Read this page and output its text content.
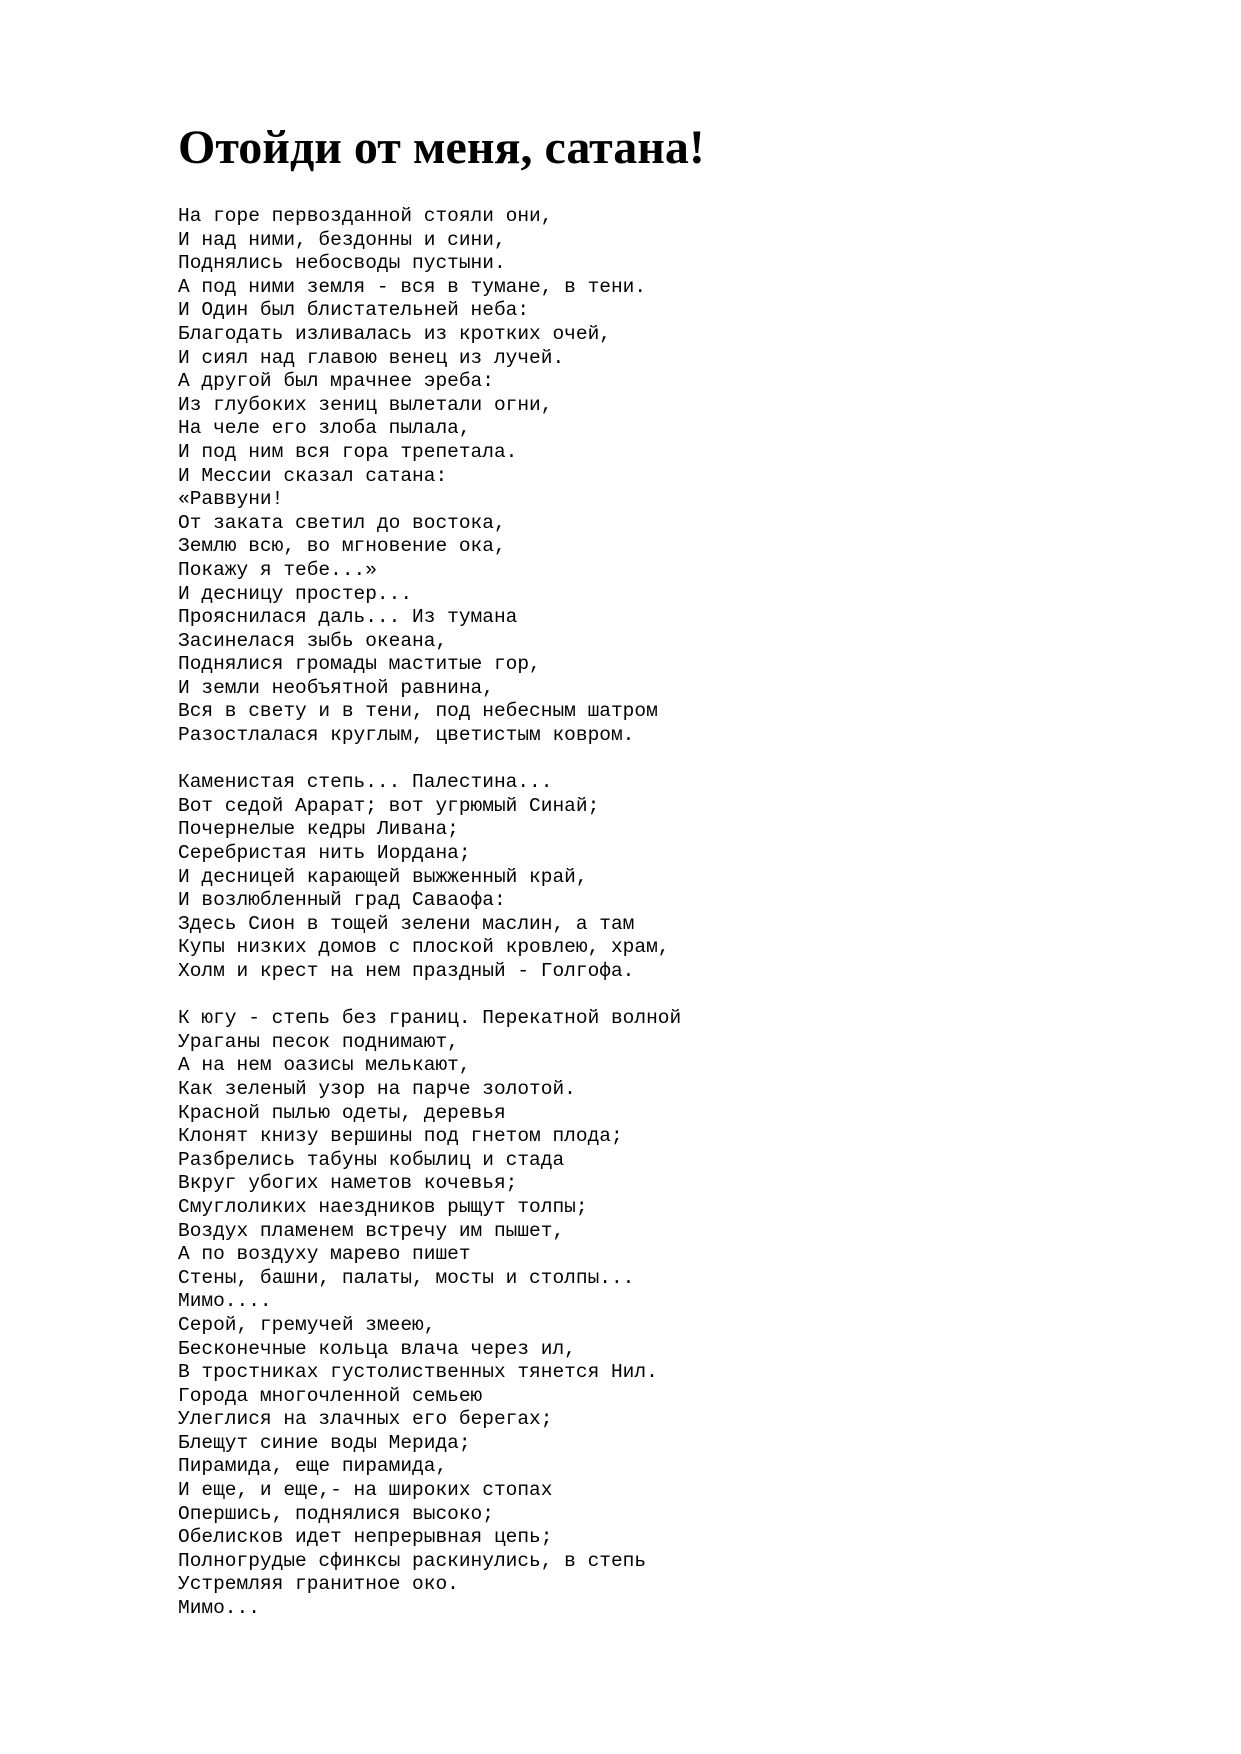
Отойди от меня, сатана!
На горе первозданной стояли они,
И над ними, бездонны и сини,
Поднялись небосводы пустыни.
А под ними земля - вся в тумане, в тени.
И Один был блистательней неба:
Благодать изливалась из кротких очей,
И сиял над главою венец из лучей.
А другой был мрачнее эреба:
Из глубоких зениц вылетали огни,
На челе его злоба пылала,
И под ним вся гора трепетала.
И Мессии сказал сатана:
«Раввуни!
От заката светил до востока,
Землю всю, во мгновение ока,
Покажу я тебе...»
И десницу простер...
Прояснилася даль... Из тумана
Засинелася зыбь океана,
Поднялися громады маститые гор,
И земли необъятной равнина,
Вся в свету и в тени, под небесным шатром
Разостлалася круглым, цветистым ковром.
Каменистая степь... Палестина...
Вот седой Арарат; вот угрюмый Синай;
Почернелые кедры Ливана;
Серебристая нить Иордана;
И десницей карающей выжженный край,
И возлюбленный град Саваофа:
Здесь Сион в тощей зелени маслин, а там
Купы низких домов с плоской кровлею, храм,
Холм и крест на нем праздный - Голгофа.
К югу - степь без границ. Перекатной волной
Ураганы песок поднимают,
А на нем оазисы мелькают,
Как зеленый узор на парче золотой.
Красной пылью одеты, деревья
Клонят книзу вершины под гнетом плода;
Разбрелись табуны кобылиц и стада
Вкруг убогих наметов кочевья;
Смуглоликих наездников рыщут толпы;
Воздух пламенем встречу им пышет,
А по воздуху марево пишет
Стены, башни, палаты, мосты и столпы...
Мимо....
Серой, гремучей змеею,
Бесконечные кольца влача через ил,
В тростниках густолиственных тянется Нил.
Города многочленной семьею
Улеглися на злачных его берегах;
Блещут синие воды Мерида;
Пирамида, еще пирамида,
И еще, и еще,- на широких стопах
Опершись, поднялися высоко;
Обелисков идет непрерывная цепь;
Полногрудые сфинксы раскинулись, в степь
Устремляя гранитное око.
Мимо...
